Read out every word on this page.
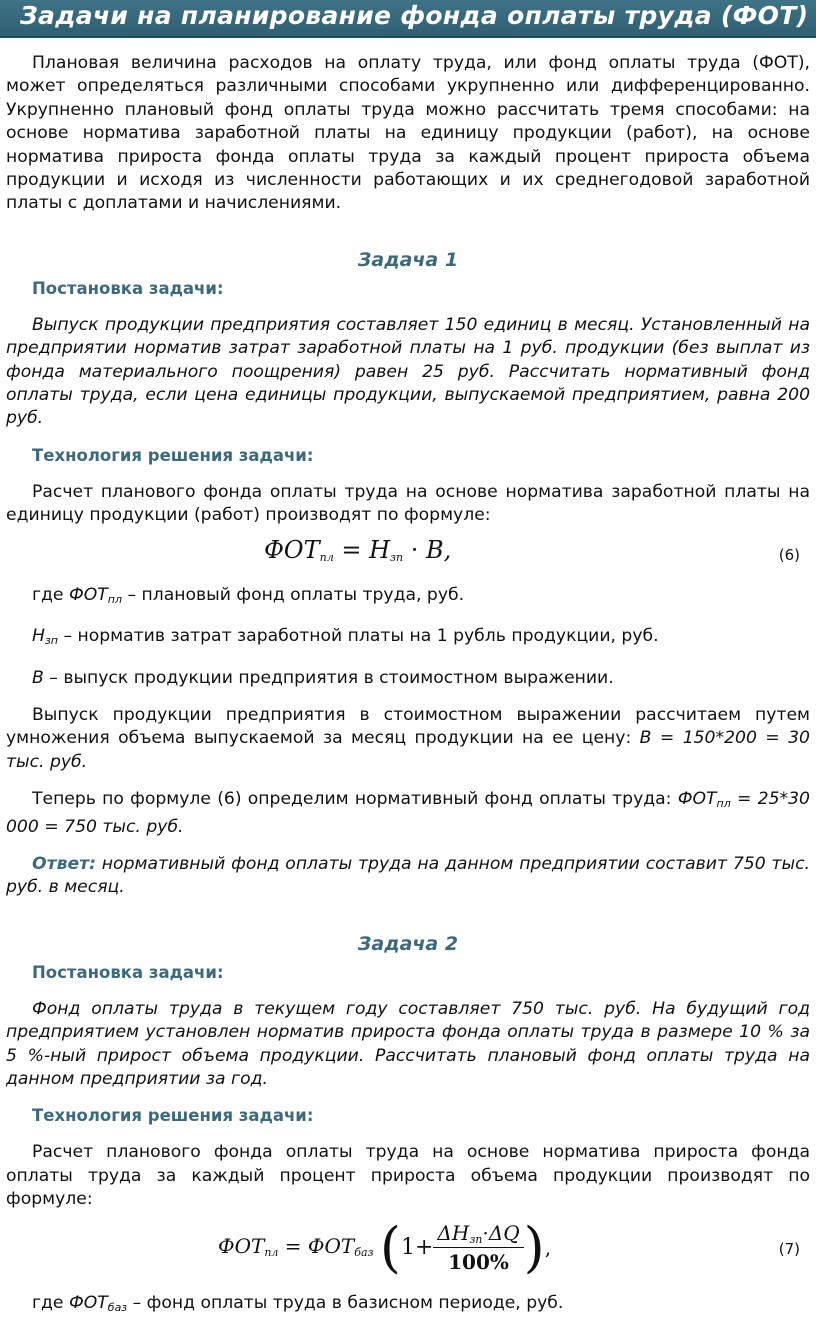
Задачи на планирование фонда оплаты труда (ФОТ)

Плановая величина расходов на оплату труда, или фонд оплаты труда (ФОТ), может определяться различными способами укрупненно или дифференцированно. Укрупненно плановый фонд оплаты труда можно рассчитать тремя способами: на основе норматива заработной платы на единицу продукции (работ), на основе норматива прироста фонда оплаты труда за каждый процент прироста объема продукции и исходя из численности работающих и их среднегодовой заработной платы с доплатами и начислениями.

Задача 1
Постановка задачи:

Выпуск продукции предприятия составляет 150 единиц в месяц. Установленный на предприятии норматив затрат заработной платы на 1 руб. продукции (без выплат из фонда материального поощрения) равен 25 руб. Рассчитать нормативный фонд оплаты труда, если цена единицы продукции, выпускаемой предприятием, равна 200 руб.

Технология решения задачи:

Расчет планового фонда оплаты труда на основе норматива заработной платы на единицу продукции (работ) производят по формуле:

$ФОТ_{пл} = Н_{зп} \cdot В$,	(6)

где $ФОТ_{пл}$ – плановый фонд оплаты труда, руб.

$Н_{зп}$ – норматив затрат заработной платы на 1 рубль продукции, руб.

В – выпуск продукции предприятия в стоимостном выражении.

Выпуск продукции предприятия в стоимостном выражении рассчитаем путем умножения объема выпускаемой за месяц продукции на ее цену: В = 150*200 = 30 тыс. руб.

Теперь по формуле (6) определим нормативный фонд оплаты труда: $ФОТ_{пл} = 25*30$ 000 = 750 тыс. руб.

Ответ: нормативный фонд оплаты труда на данном предприятии составит 750 тыс. руб. в месяц.

Задача 2
Постановка задачи:

Фонд оплаты труда в текущем году составляет 750 тыс. руб. На будущий год предприятием установлен норматив прироста фонда оплаты труда в размере 10 % за 5 %-ный прирост объема продукции. Рассчитать плановый фонд оплаты труда на данном предприятии за год.

Технология решения задачи:

Расчет планового фонда оплаты труда на основе норматива прироста фонда оплаты труда за каждый процент прироста объема продукции производят по формуле:

$ФОТ_{пл} = ФОТ_{баз}$ ($1+ \frac{\Delta Н_{зп}\cdot\Delta Q}{100\%}$ ),	(7)

где $ФОТ_{баз}$ – фонд оплаты труда в базисном периоде, руб.
